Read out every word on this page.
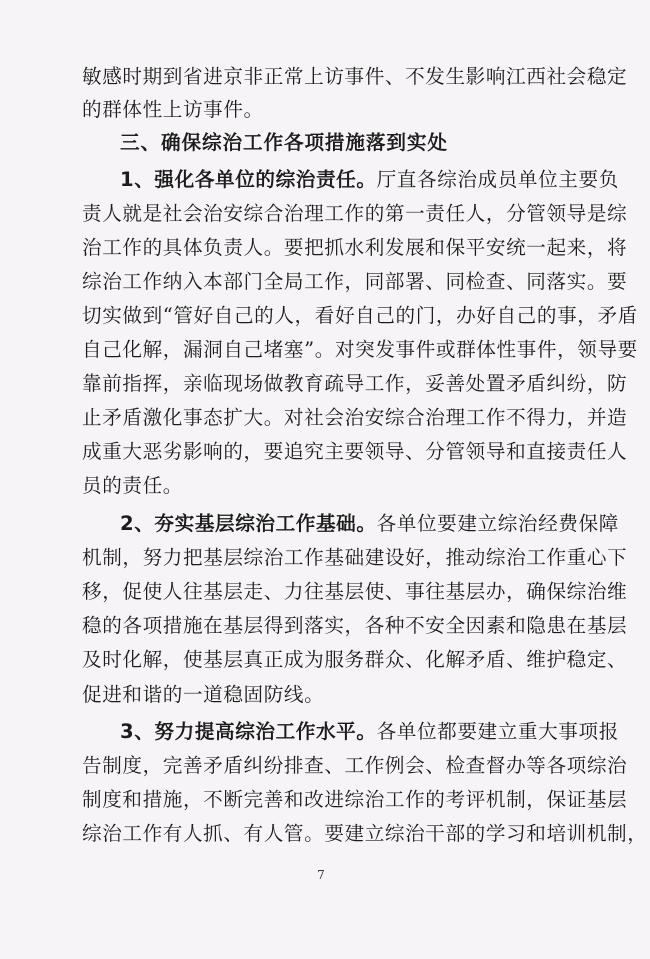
敏感时期到省进京非正常上访事件、不发生影响江西社会稳定
的群体性上访事件。
三、确保综治工作各项措施落到实处
1、强化各单位的综治责任。厅直各综治成员单位主要负
责人就是社会治安综合治理工作的第一责任人，分管领导是综
治工作的具体负责人。要把抓水利发展和保平安统一起来，将
综治工作纳入本部门全局工作，同部署、同检查、同落实。要
切实做到“管好自己的人，看好自己的门，办好自己的事，矛盾
自己化解，漏洞自己堵塞”。对突发事件或群体性事件，领导要
靠前指挥，亲临现场做教育疏导工作，妥善处置矛盾纠纷，防
止矛盾激化事态扩大。对社会治安综合治理工作不得力，并造
成重大恶劣影响的，要追究主要领导、分管领导和直接责任人
员的责任。
2、夯实基层综治工作基础。各单位要建立综治经费保障
机制，努力把基层综治工作基础建设好，推动综治工作重心下
移，促使人往基层走、力往基层使、事往基层办，确保综治维
稳的各项措施在基层得到落实，各种不安全因素和隐患在基层
及时化解，使基层真正成为服务群众、化解矛盾、维护稳定、
促进和谐的一道稳固防线。
3、努力提高综治工作水平。各单位都要建立重大事项报
告制度，完善矛盾纠纷排查、工作例会、检查督办等各项综治
制度和措施，不断完善和改进综治工作的考评机制，保证基层
综治工作有人抓、有人管。要建立综治干部的学习和培训机制，
7
